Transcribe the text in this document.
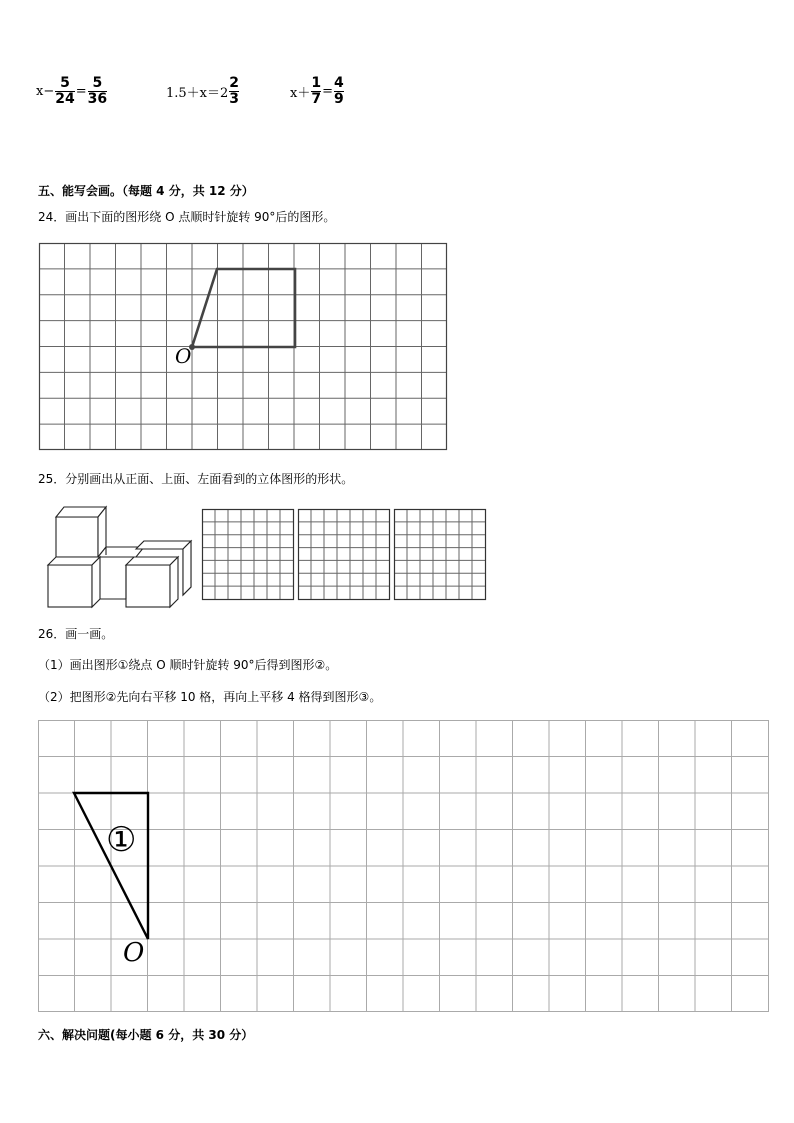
$x- \frac{5}{24} = \frac{5}{36}$	$1.5+x=2 \frac{2}{3}$	$x+ \frac{1}{7} = \frac{4}{9}$
五、能写会画。（每题 4 分，共 12 分）
24．画出下面的图形绕 O 点顺时针旋转 90°后的图形。
O
25．分别画出从正面、上面、左面看到的立体图形的形状。
26．画一画。
（1）画出图形①绕点 O 顺时针旋转 90°后得到图形②。
（2）把图形②先向右平移 10 格，再向上平移 4 格得到图形③。
①
O
六、解决问题(每小题 6 分，共 30 分）
